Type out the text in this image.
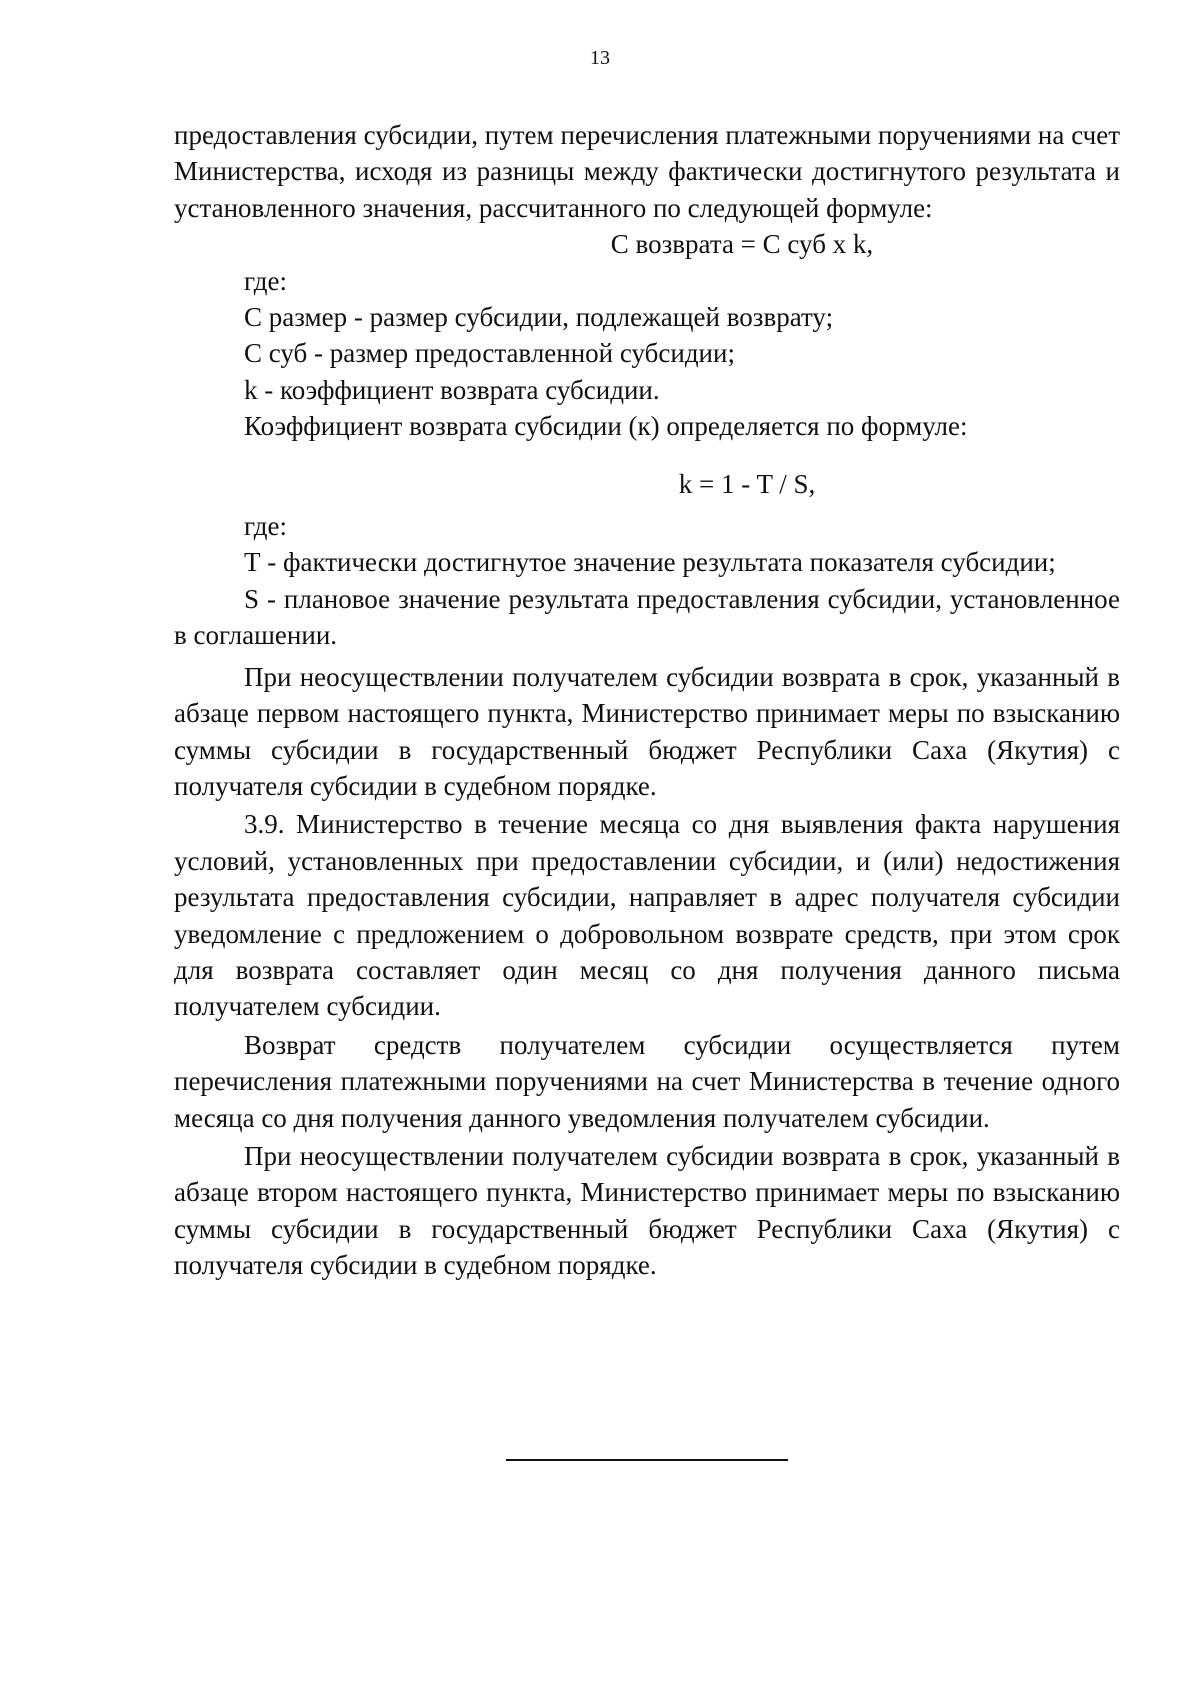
13

предоставления субсидии, путем перечисления платежными поручениями на счет Министерства, исходя из разницы между фактически достигнутого результата и установленного значения, рассчитанного по следующей формуле:

С возврата = С суб x k,

где:

С размер - размер субсидии, подлежащей возврату;

С суб - размер предоставленной субсидии;

k - коэффициент возврата субсидии.

Коэффициент возврата субсидии (к) определяется по формуле:

k = 1 - T / S,

где:

Т - фактически достигнутое значение результата показателя субсидии;

S - плановое значение результата предоставления субсидии, установленное в соглашении.

При неосуществлении получателем субсидии возврата в срок, указанный в абзаце первом настоящего пункта, Министерство принимает меры по взысканию суммы субсидии в государственный бюджет Республики Саха (Якутия) с получателя субсидии в судебном порядке.

3.9. Министерство в течение месяца со дня выявления факта нарушения условий, установленных при предоставлении субсидии, и (или) недостижения результата предоставления субсидии, направляет в адрес получателя субсидии уведомление с предложением о добровольном возврате средств, при этом срок для возврата составляет один месяц со дня получения данного письма получателем субсидии.

Возврат средств получателем субсидии осуществляется путем перечисления платежными поручениями на счет Министерства в течение одного месяца со дня получения данного уведомления получателем субсидии.

При неосуществлении получателем субсидии возврата в срок, указанный в абзаце втором настоящего пункта, Министерство принимает меры по взысканию суммы субсидии в государственный бюджет Республики Саха (Якутия) с получателя субсидии в судебном порядке.
